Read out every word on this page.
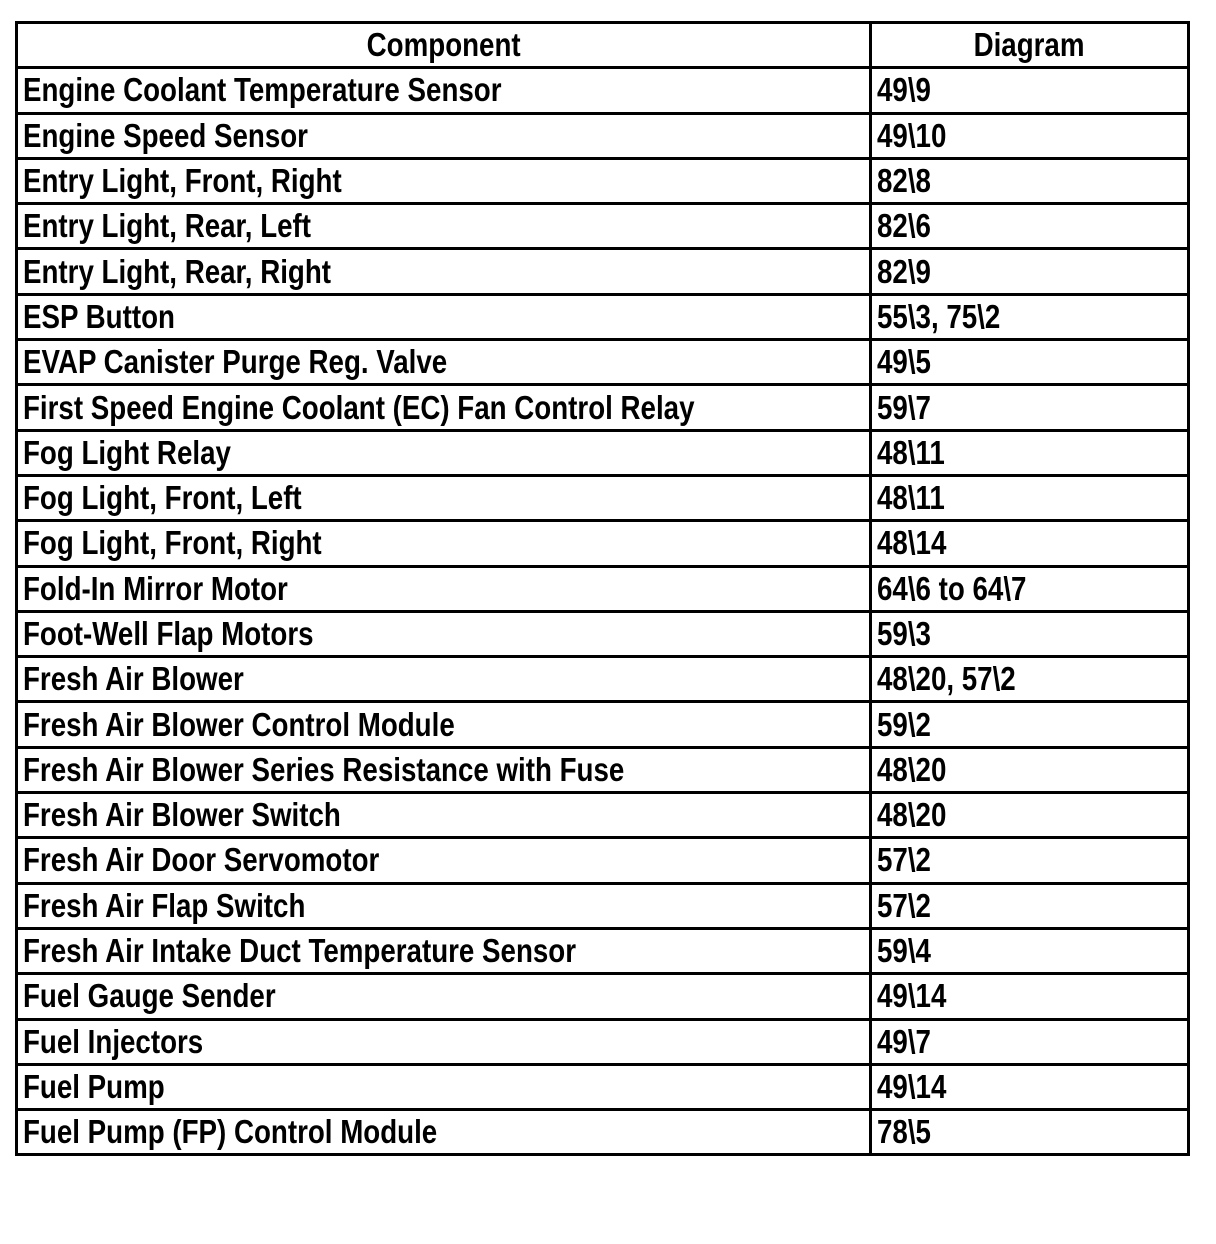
Component	Diagram
Engine Coolant Temperature Sensor	49\9
Engine Speed Sensor	49\10
Entry Light, Front, Right	82\8
Entry Light, Rear, Left	82\6
Entry Light, Rear, Right	82\9
ESP Button	55\3, 75\2
EVAP Canister Purge Reg. Valve	49\5
First Speed Engine Coolant (EC) Fan Control Relay	59\7
Fog Light Relay	48\11
Fog Light, Front, Left	48\11
Fog Light, Front, Right	48\14
Fold-In Mirror Motor	64\6 to 64\7
Foot-Well Flap Motors	59\3
Fresh Air Blower	48\20, 57\2
Fresh Air Blower Control Module	59\2
Fresh Air Blower Series Resistance with Fuse	48\20
Fresh Air Blower Switch	48\20
Fresh Air Door Servomotor	57\2
Fresh Air Flap Switch	57\2
Fresh Air Intake Duct Temperature Sensor	59\4
Fuel Gauge Sender	49\14
Fuel Injectors	49\7
Fuel Pump	49\14
Fuel Pump (FP) Control Module	78\5
